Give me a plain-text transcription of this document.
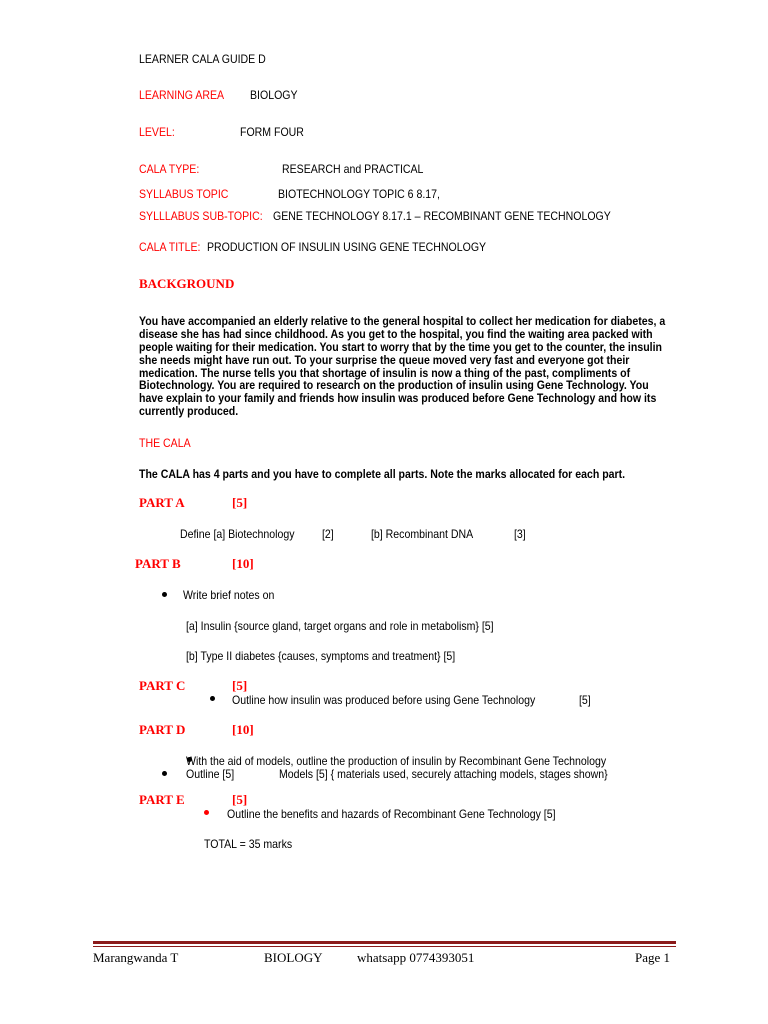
LEARNER CALA GUIDE D
LEARNING AREA BIOLOGY
LEVEL:	FORM FOUR
CALA TYPE:	RESEARCH and PRACTICAL
SYLLABUS TOPIC	BIOTECHNOLOGY TOPIC 6 8.17,
SYLLLABUS SUB-TOPIC: GENE TECHNOLOGY 8.17.1 – RECOMBINANT GENE TECHNOLOGY
CALA TITLE: PRODUCTION OF INSULIN USING GENE TECHNOLOGY
BACKGROUND
You have accompanied an elderly relative to the general hospital to collect her medication for diabetes, a
disease she has had since childhood. As you get to the hospital, you find the waiting area packed with
people waiting for their medication. You start to worry that by the time you get to the counter, the insulin
she needs might have run out. To your surprise the queue moved very fast and everyone got their
medication. The nurse tells you that shortage of insulin is now a thing of the past, compliments of
Biotechnology. You are required to research on the production of insulin using Gene Technology. You
have explain to your family and friends how insulin was produced before Gene Technology and how its
currently produced.
THE CALA
The CALA has 4 parts and you have to complete all parts. Note the marks allocated for each part.
PART A	[5]
Define [a] Biotechnology [2]	[b] Recombinant DNA	[3]
PART B	[10]
Write brief notes on
[a] Insulin {source gland, target organs and role in metabolism} [5]
[b] Type II diabetes {causes, symptoms and treatment} [5]
PART C	[5]
Outline how insulin was produced before using Gene Technology	[5]
PART D	[10]
With the aid of models, outline the production of insulin by Recombinant Gene Technology
Outline [5]	Models [5] { materials used, securely attaching models, stages shown}
PART E	[5]
Outline the benefits and hazards of Recombinant Gene Technology [5]
TOTAL = 35 marks
Marangwanda T	BIOLOGY	whatsapp 0774393051	Page 1
